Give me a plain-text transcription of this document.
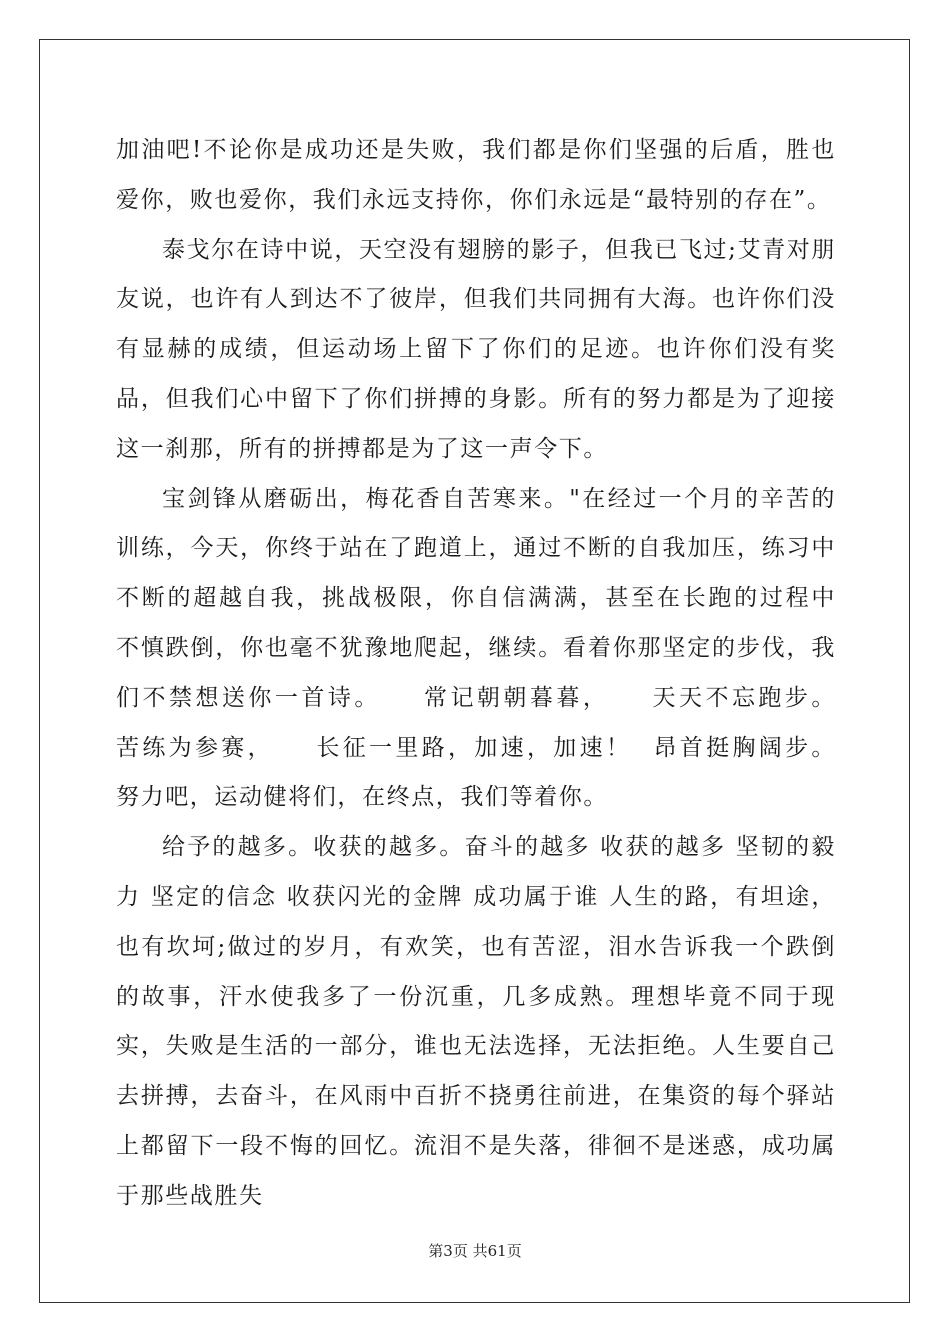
加油吧!不论你是成功还是失败，我们都是你们坚强的后盾，胜也爱你，败也爱你，我们永远支持你，你们永远是“最特别的存在”。

泰戈尔在诗中说，天空没有翅膀的影子，但我已飞过;艾青对朋友说，也许有人到达不了彼岸，但我们共同拥有大海。也许你们没有显赫的成绩，但运动场上留下了你们的足迹。也许你们没有奖品，但我们心中留下了你们拼搏的身影。所有的努力都是为了迎接这一刹那，所有的拼搏都是为了这一声令下。

宝剑锋从磨砺出，梅花香自苦寒来。"在经过一个月的辛苦的训练，今天，你终于站在了跑道上，通过不断的自我加压，练习中不断的超越自我，挑战极限，你自信满满，甚至在长跑的过程中 不慎跌倒，你也毫不犹豫地爬起，继续。看着你那坚定的步伐，我们不禁想送你一首诗。    常记朝朝暮暮，    天天不忘跑步。    苦练为参赛，    长征一里路，加速，加速！  昂首挺胸阔步。    努力吧，运动健将们，在终点，我们等着你。

给予的越多。收获的越多。奋斗的越多 收获的越多 坚韧的毅力 坚定的信念 收获闪光的金牌 成功属于谁 人生的路，有坦途，也有坎坷;做过的岁月，有欢笑，也有苦涩，泪水告诉我一个跌倒的故事，汗水使我多了一份沉重，几多成熟。理想毕竟不同于现实，失败是生活的一部分，谁也无法选择，无法拒绝。人生要自己去拼搏，去奋斗，在风雨中百折不挠勇往前进，在集资的每个驿站上都留下一段不悔的回忆。流泪不是失落，徘徊不是迷惑，成功属于那些战胜失

第3页 共61页
